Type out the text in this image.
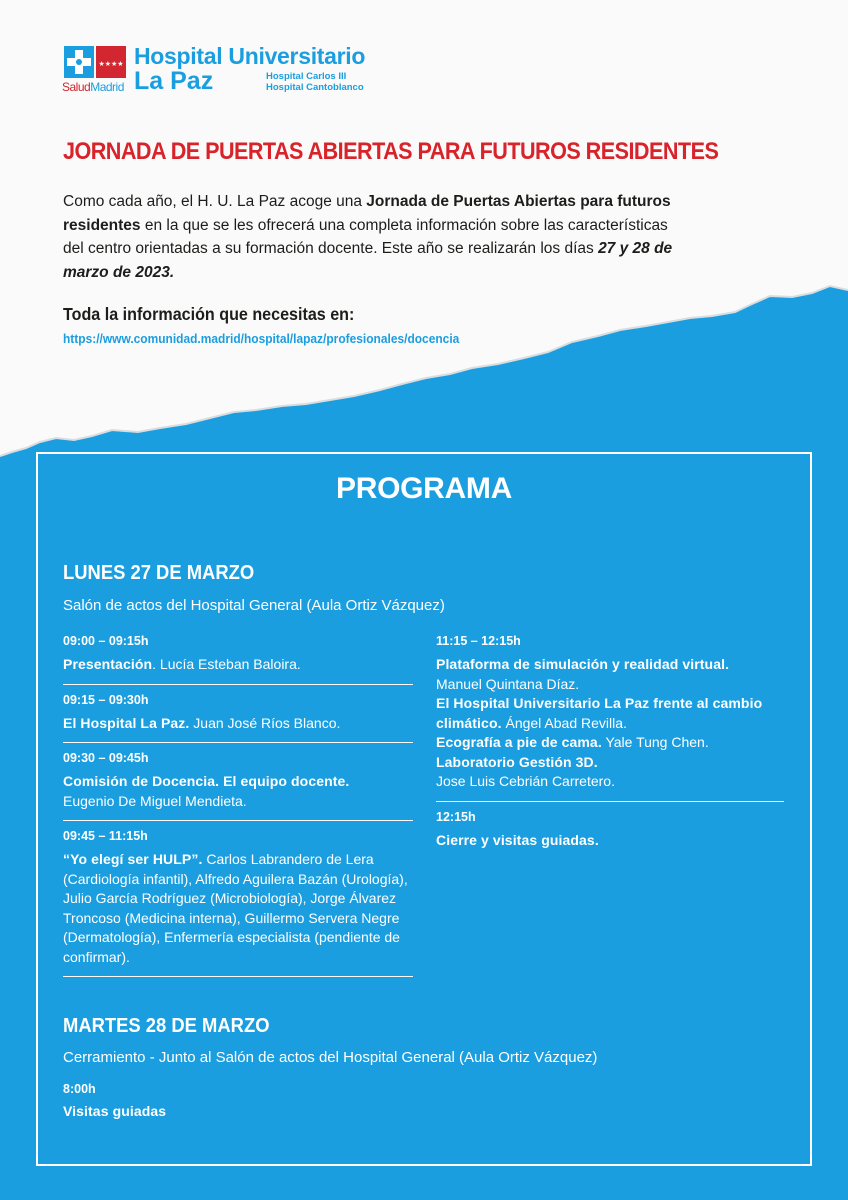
★★★★
SaludMadrid
Hospital Universitario
La Paz	Hospital Carlos III
Hospital Cantoblanco
JORNADA DE PUERTAS ABIERTAS PARA FUTUROS RESIDENTES
Como cada año, el H. U. La Paz acoge una Jornada de Puertas Abiertas para futuros residentes en la que se les ofrecerá una completa información sobre las características del centro orientadas a su formación docente. Este año se realizarán los días 27 y 28 de marzo de 2023.
Toda la información que necesitas en:
https://www.comunidad.madrid/hospital/lapaz/profesionales/docencia
PROGRAMA
LUNES 27 DE MARZO
Salón de actos del Hospital General (Aula Ortiz Vázquez)
09:00 – 09:15h
Presentación. Lucía Esteban Baloira.
09:15 – 09:30h
El Hospital La Paz. Juan José Ríos Blanco.
09:30 – 09:45h
Comisión de Docencia. El equipo docente.
Eugenio De Miguel Mendieta.
09:45 – 11:15h
“Yo elegí ser HULP”. Carlos Labrandero de Lera (Cardiología infantil), Alfredo Aguilera Bazán (Urología), Julio García Rodríguez (Microbiología), Jorge Álvarez Troncoso (Medicina interna), Guillermo Servera Negre (Dermatología), Enfermería especialista (pendiente de confirmar).
11:15 – 12:15h
Plataforma de simulación y realidad virtual.
Manuel Quintana Díaz.
El Hospital Universitario La Paz frente al cambio climático. Ángel Abad Revilla.
Ecografía a pie de cama. Yale Tung Chen.
Laboratorio Gestión 3D.
Jose Luis Cebrián Carretero.
12:15h
Cierre y visitas guiadas.
MARTES 28 DE MARZO
Cerramiento - Junto al Salón de actos del Hospital General (Aula Ortiz Vázquez)
8:00h
Visitas guiadas
